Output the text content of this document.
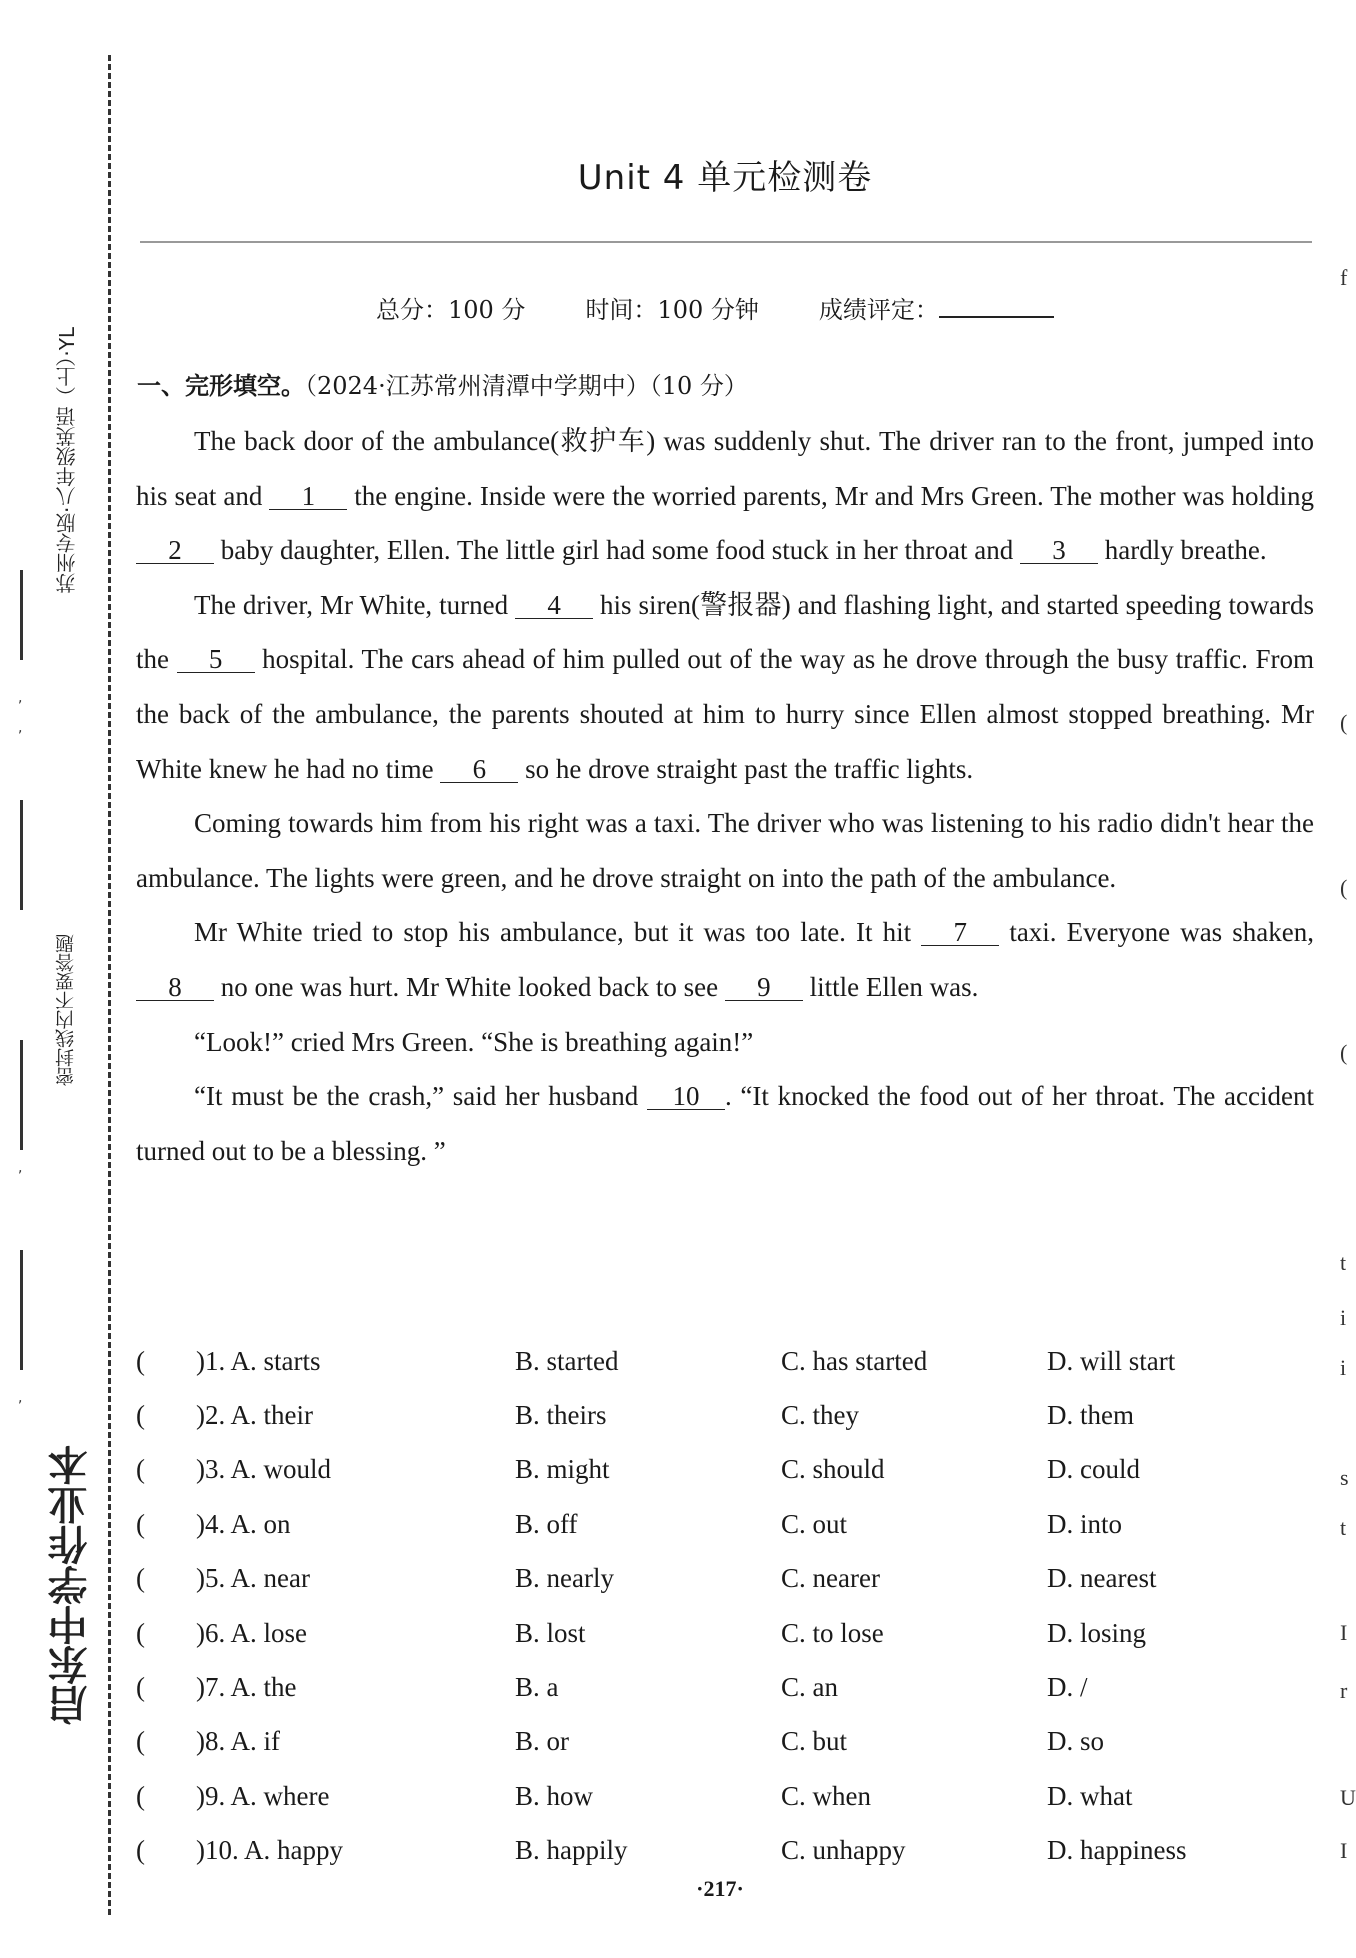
,
,
,
,
苏州专版·八年级英语（上）·YL
密封线内不要答题
启东中学作业本
f
(
(
(
t
i
i
s
t
I
r
U
I
Unit 4 单元检测卷
总分：100 分	时间：100 分钟	成绩评定：
一、完形填空。（2024·江苏常州清潭中学期中）（10 分）

The back door of the ambulance(救护车) was suddenly shut. The driver ran to the front, jumped into his seat and 1 the engine. Inside were the worried parents, Mr and Mrs Green. The mother was holding 2 baby daughter, Ellen. The little girl had some food stuck in her throat and 3 hardly breathe.

The driver, Mr White, turned 4 his siren(警报器) and flashing light, and started speeding towards the 5 hospital. The cars ahead of him pulled out of the way as he drove through the busy traffic. From the back of the ambulance, the parents shouted at him to hurry since Ellen almost stopped breathing. Mr White knew he had no time 6 so he drove straight past the traffic lights.

Coming towards him from his right was a taxi. The driver who was listening to his radio didn't hear the ambulance. The lights were green, and he drove straight on into the path of the ambulance.

Mr White tried to stop his ambulance, but it was too late. It hit 7 taxi. Everyone was shaken, 8 no one was hurt. Mr White looked back to see 9 little Ellen was.

“Look!” cried Mrs Green. “She is breathing again!”

“It must be the crash,” said her husband 10 . “It knocked the food out of her throat. The accident turned out to be a blessing. ”

(	)1. A. starts	B. started	C. has started	D. will start
(	)2. A. their	B. theirs	C. they	D. them
(	)3. A. would	B. might	C. should	D. could
(	)4. A. on	B. off	C. out	D. into
(	)5. A. near	B. nearly	C. nearer	D. nearest
(	)6. A. lose	B. lost	C. to lose	D. losing
(	)7. A. the	B. a	C. an	D. /
(	)8. A. if	B. or	C. but	D. so
(	)9. A. where	B. how	C. when	D. what
(	)10. A. happy	B. happily	C. unhappy	D. happiness
·217·
